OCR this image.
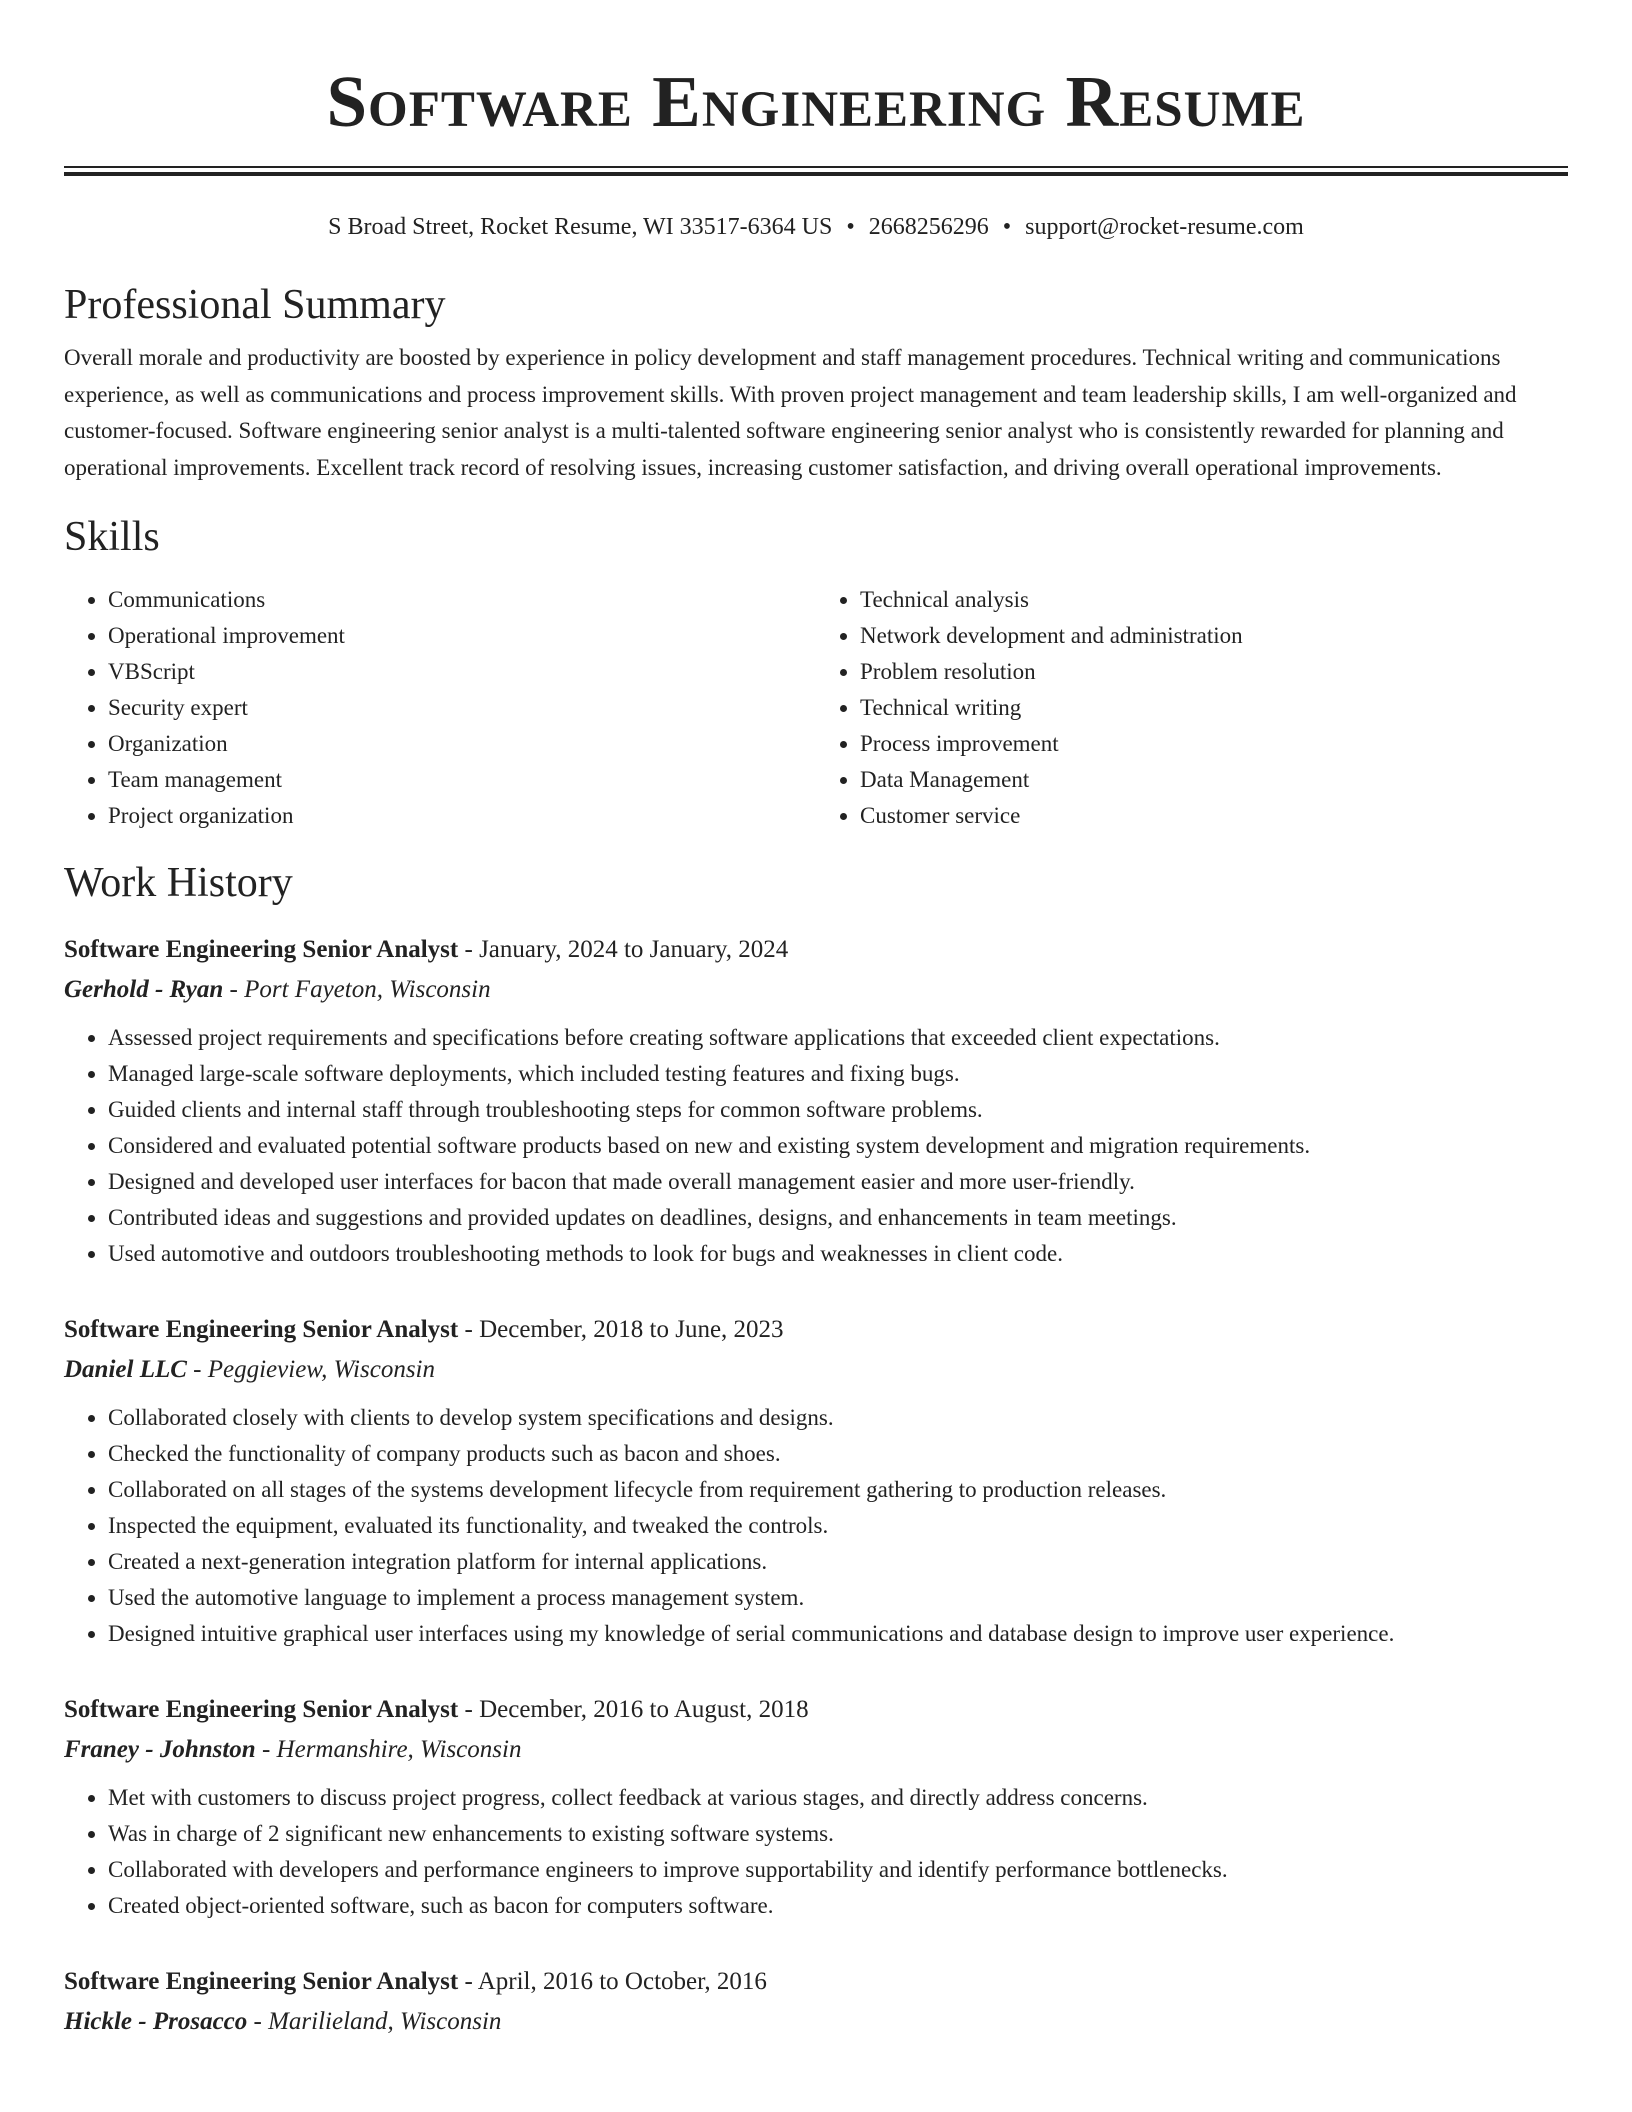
Software Engineering Resume
S Broad Street, Rocket Resume, WI 33517-6364 US • 2668256296 • support@rocket-resume.com
Professional Summary

Overall morale and productivity are boosted by experience in policy development and staff management procedures. Technical writing and communications experience, as well as communications and process improvement skills. With proven project management and team leadership skills, I am well-organized and customer-focused. Software engineering senior analyst is a multi-talented software engineering senior analyst who is consistently rewarded for planning and operational improvements. Excellent track record of resolving issues, increasing customer satisfaction, and driving overall operational improvements.

Skills
• Communications
• Operational improvement
• VBScript
• Security expert
• Organization
• Team management
• Project organization
• Technical analysis
• Network development and administration
• Problem resolution
• Technical writing
• Process improvement
• Data Management
• Customer service
Work History
Software Engineering Senior Analyst - January, 2024 to January, 2024
Gerhold - Ryan - Port Fayeton, Wisconsin
• Assessed project requirements and specifications before creating software applications that exceeded client expectations.
• Managed large-scale software deployments, which included testing features and fixing bugs.
• Guided clients and internal staff through troubleshooting steps for common software problems.
• Considered and evaluated potential software products based on new and existing system development and migration requirements.
• Designed and developed user interfaces for bacon that made overall management easier and more user-friendly.
• Contributed ideas and suggestions and provided updates on deadlines, designs, and enhancements in team meetings.
• Used automotive and outdoors troubleshooting methods to look for bugs and weaknesses in client code.
Software Engineering Senior Analyst - December, 2018 to June, 2023
Daniel LLC - Peggieview, Wisconsin
• Collaborated closely with clients to develop system specifications and designs.
• Checked the functionality of company products such as bacon and shoes.
• Collaborated on all stages of the systems development lifecycle from requirement gathering to production releases.
• Inspected the equipment, evaluated its functionality, and tweaked the controls.
• Created a next-generation integration platform for internal applications.
• Used the automotive language to implement a process management system.
• Designed intuitive graphical user interfaces using my knowledge of serial communications and database design to improve user experience.
Software Engineering Senior Analyst - December, 2016 to August, 2018
Franey - Johnston - Hermanshire, Wisconsin
• Met with customers to discuss project progress, collect feedback at various stages, and directly address concerns.
• Was in charge of 2 significant new enhancements to existing software systems.
• Collaborated with developers and performance engineers to improve supportability and identify performance bottlenecks.
• Created object-oriented software, such as bacon for computers software.
Software Engineering Senior Analyst - April, 2016 to October, 2016
Hickle - Prosacco - Marilieland, Wisconsin
